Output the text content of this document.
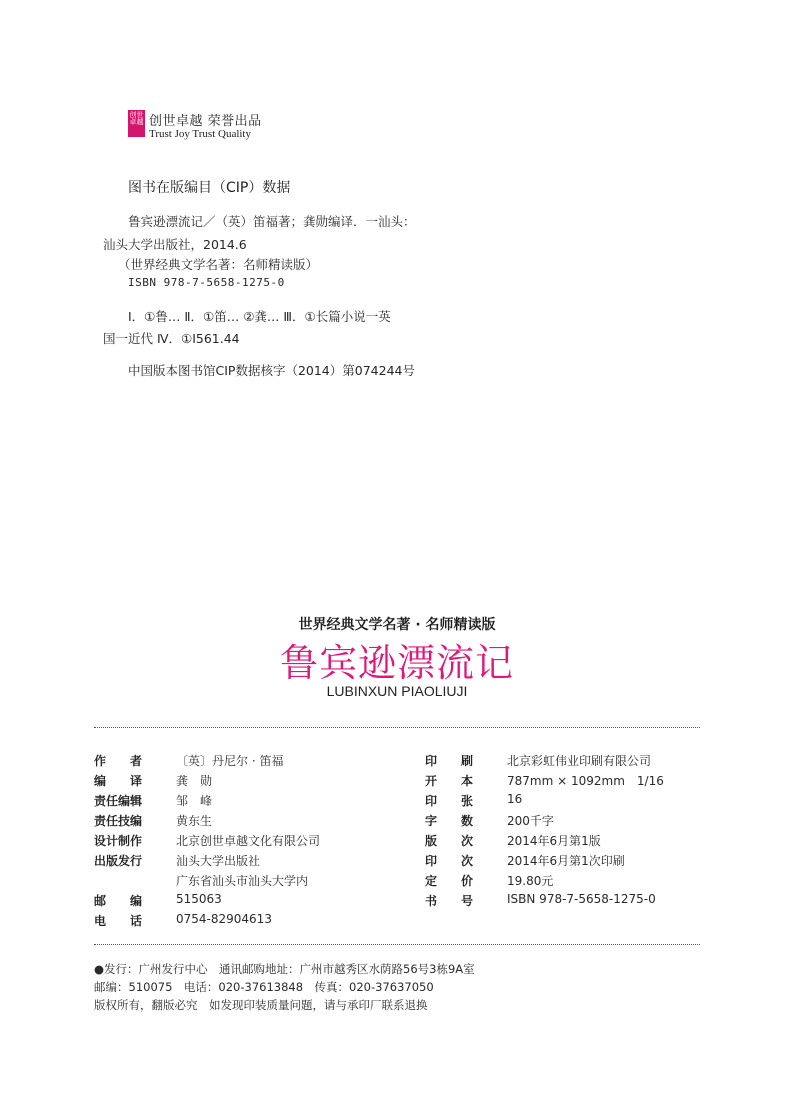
创世卓越 创世卓越 荣誉出品
Trust Joy Trust Quality
图书在版编目（CIP）数据
鲁宾逊漂流记／（英）笛福著；龚勋编译．一汕头：
汕头大学出版社，2014.6
（世界经典文学名著：名师精读版）
ISBN 978-7-5658-1275-0
Ⅰ．①鲁… Ⅱ．①笛… ②龚… Ⅲ．①长篇小说一英
国一近代 Ⅳ．①I561.44
中国版本图书馆CIP数据核字（2014）第074244号
世界经典文学名著 · 名师精读版
鲁宾逊漂流记
LUBINXUN PIAOLIUJI
作　　者	〔英〕丹尼尔 · 笛福
编　　译	龚　勋
责任编辑	邹　峰
责任技编	黄东生
设计制作	北京创世卓越文化有限公司
出版发行	汕头大学出版社
广东省汕头市汕头大学内
邮　　编	515063
电　　话	0754-82904613
印　　刷	北京彩虹伟业印刷有限公司
开　　本	787mm × 1092mm　1/16
印　　张	16
字　　数	200千字
版　　次	2014年6月第1版
印　　次	2014年6月第1次印刷
定　　价	19.80元
书　　号	ISBN 978-7-5658-1275-0
●发行：广州发行中心　通讯邮购地址：广州市越秀区水荫路56号3栋9A室
邮编：510075　电话：020-37613848　传真：020-37637050
版权所有，翻版必究　如发现印装质量问题，请与承印厂联系退换
